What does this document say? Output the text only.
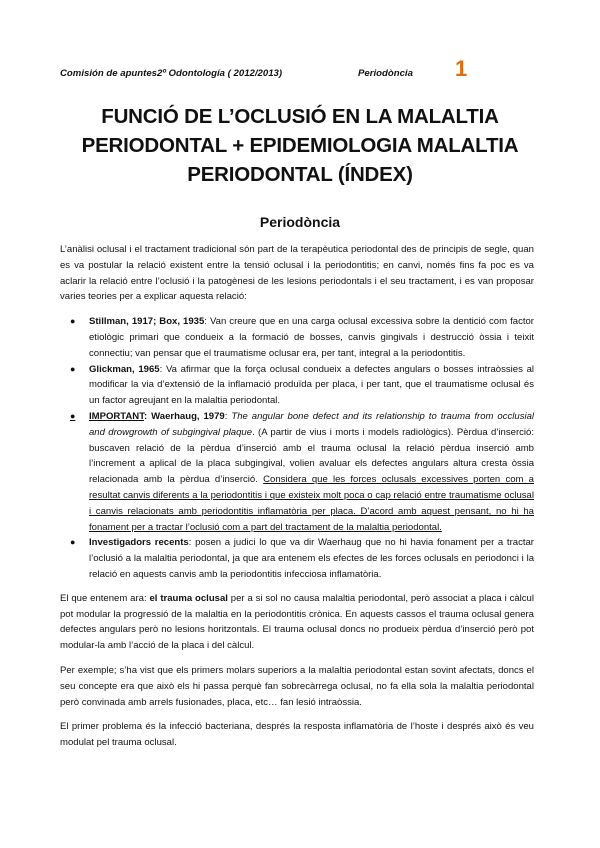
Comisión de apuntes2º Odontología ( 2012/2013)	Periodòncia 1
FUNCIÓ DE L’OCLUSIÓ EN LA MALALTIA
PERIODONTAL + EPIDEMIOLOGIA MALALTIA
PERIODONTAL (ÍNDEX)
Periodòncia

L’anàlisi oclusal i el tractament tradicional són part de la terapèutica periodontal des de principis de segle, quan es va postular la relació existent entre la tensió oclusal i la periodontitis; en canvi, només fins fa poc es va aclarir la relació entre l’oclusió i la patogènesi de les lesions periodontals i el seu tractament, i es van proposar varies teories per a explicar aquesta relació:

● Stillman, 1917; Box, 1935: Van creure que en una carga oclusal excessiva sobre la dentició com factor etiològic primari que condueix a la formació de bosses, canvis gingivals i destrucció òssia i teixit connectiu; van pensar que el traumatisme oclusar era, per tant, integral a la periodontitis.
● Glickman, 1965: Va afirmar que la força oclusal condueix a defectes angulars o bosses intraòssies al modificar la via d’extensió de la inflamació produïda per placa, i per tant, que el traumatisme oclusal és un factor agreujant en la malaltia periodontal.
● IMPORTANT: Waerhaug, 1979: The angular bone defect and its relationship to trauma from occlusial and drowgrowth of subgingival plaque. (A partir de vius i morts i models radiològics). Pèrdua d’inserció: buscaven relació de la pèrdua d’inserció amb el trauma oclusal la relació pèrdua inserció amb l’increment a aplical de la placa subgingival, volien avaluar els defectes angulars altura cresta òssia relacionada amb la pèrdua d’inserció. Considera que les forces oclusals excessives porten com a resultat canvis diferents a la periodontitis i que existeix molt poca o cap relació entre traumatisme oclusal i canvis relacionats amb periodontitis inflamatòria per placa. D’acord amb aquest pensant, no hi ha fonament per a tractar l’oclusió com a part del tractament de la malaltia periodontal.
● Investigadors recents: posen a judici lo que va dir Waerhaug que no hi havia fonament per a tractar l’oclusió a la malaltia periodontal, ja que ara entenem els efectes de les forces oclusals en periodonci i la relació en aquests canvis amb la periodontitis infecciosa inflamatòria.

El que entenem ara: el trauma oclusal per a si sol no causa malaltia periodontal, però associat a placa i càlcul pot modular la progressió de la malaltia en la periodontitis crònica. En aquests cassos el trauma oclusal genera defectes angulars però no lesions horitzontals. El trauma oclusal doncs no produeix pèrdua d’inserció però pot modular-la amb l’acció de la placa i del càlcul.

Per exemple; s’ha vist que els primers molars superiors a la malaltia periodontal estan sovint afectats, doncs el seu concepte era que això els hi passa perquè fan sobrecàrrega oclusal, no fa ella sola la malaltia periodontal però convinada amb arrels fusionades, placa, etc… fan lesió intraòssia.

El primer problema és la infecció bacteriana, després la resposta inflamatòria de l’hoste i després això és veu modulat pel trauma oclusal.
